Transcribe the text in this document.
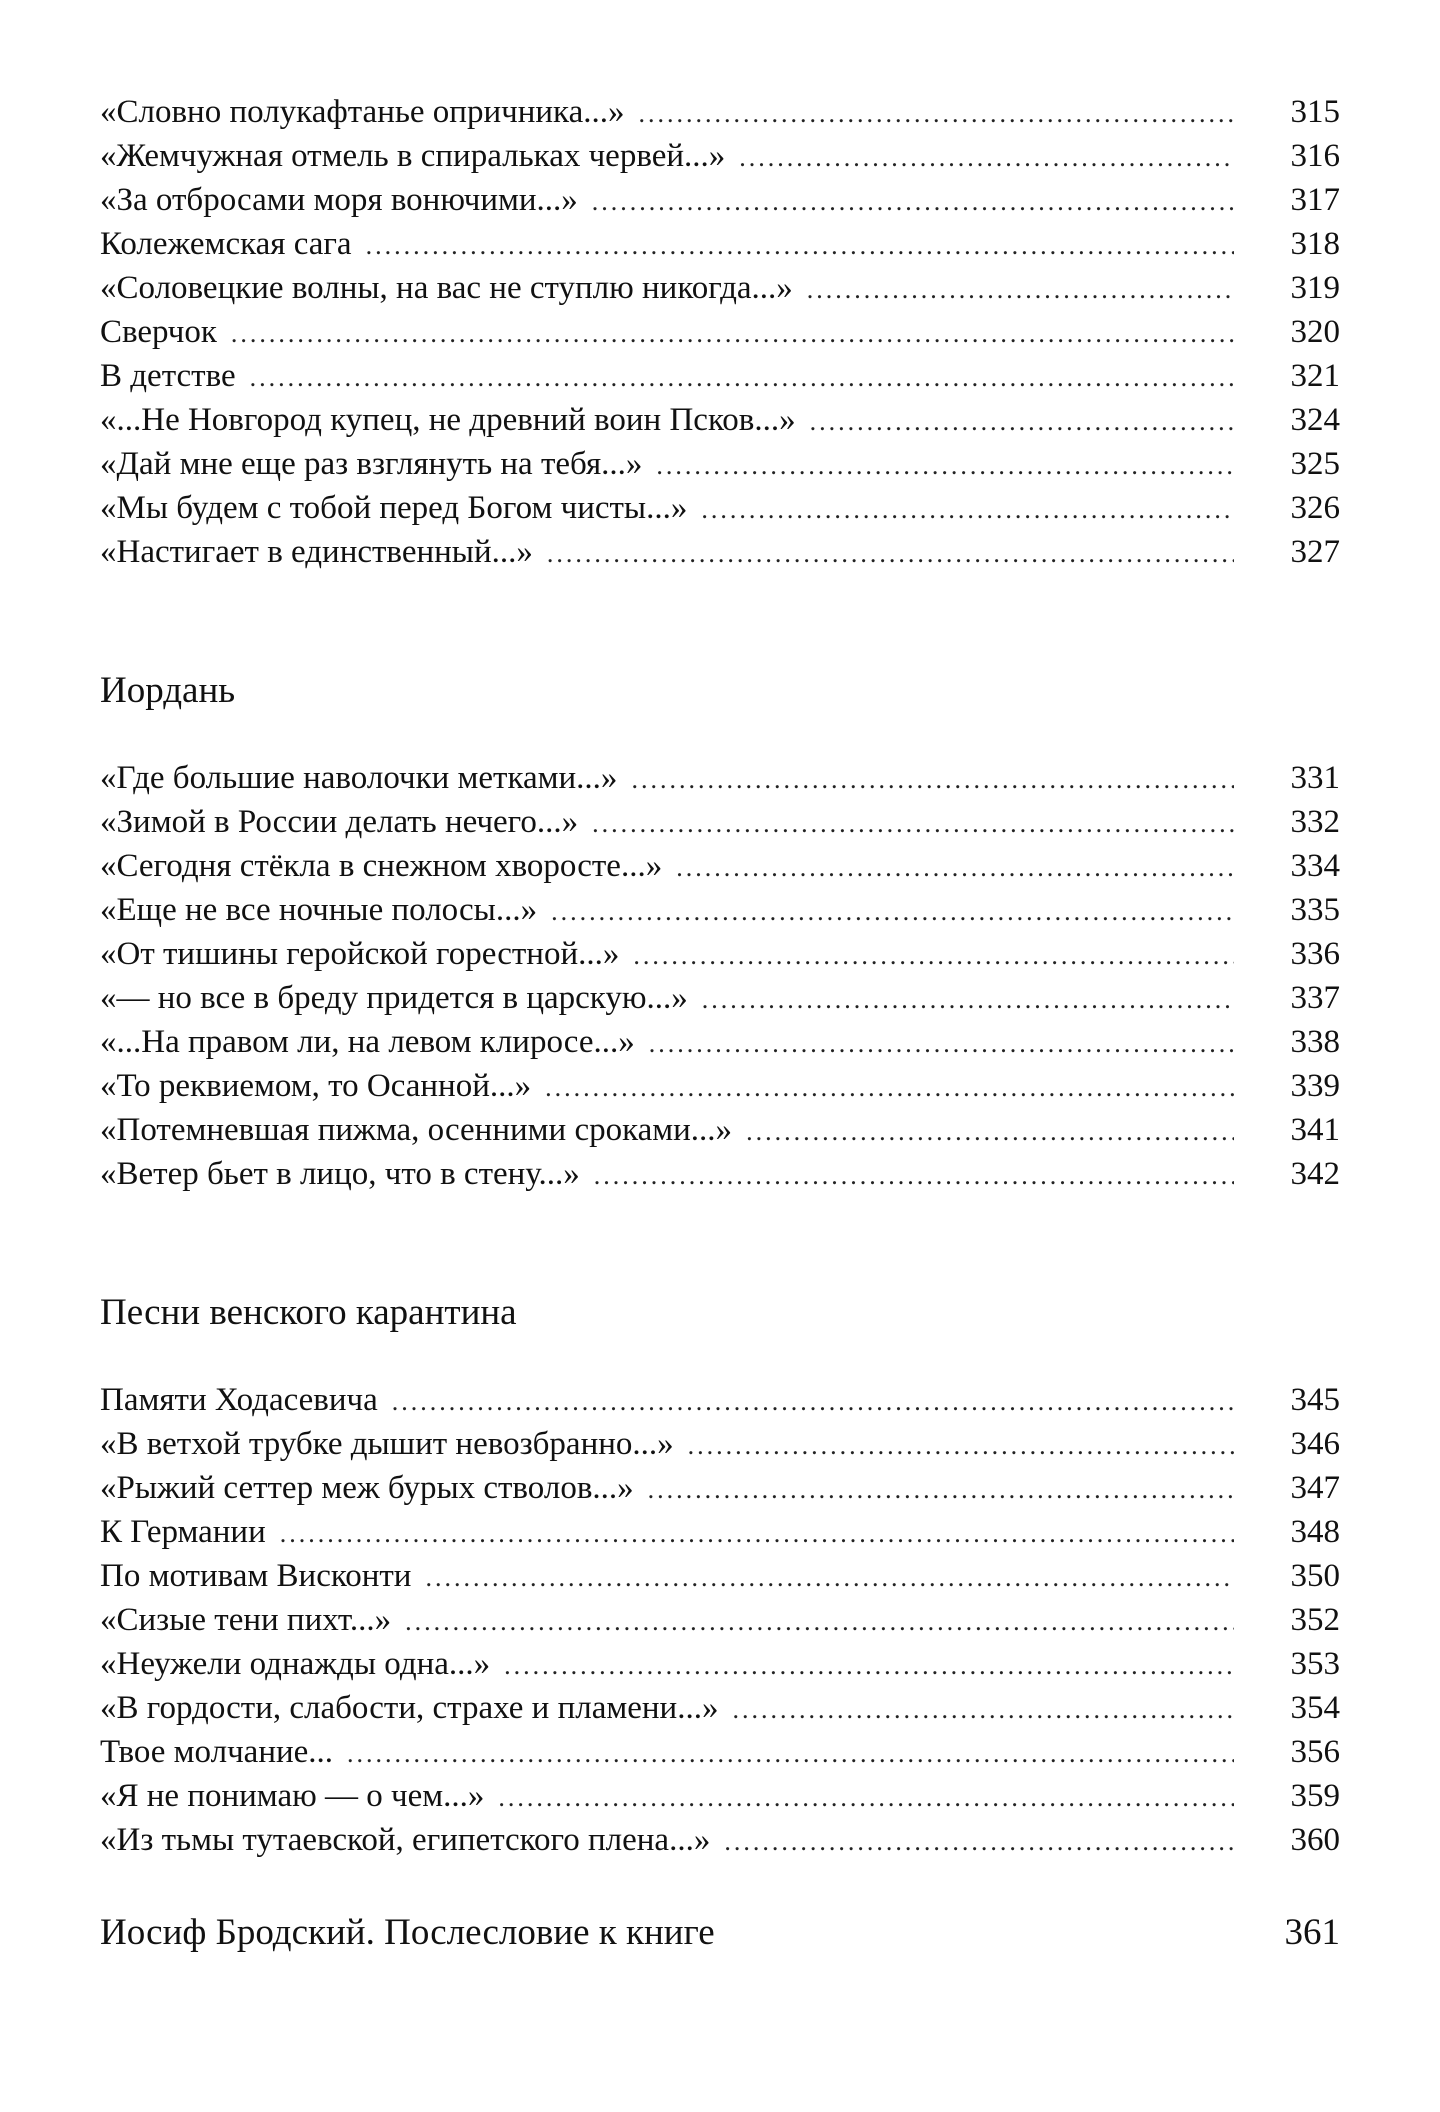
«Словно полукафтанье опричника...» .....	315
«Жемчужная отмель в спиральках червей...» .....	316
«За отбросами моря вонючими...» .....	317
Колежемская сага .....	318
«Соловецкие волны, на вас не ступлю никогда...» .....	319
Сверчок .....	320
В детстве .....	321
«...Не Новгород купец, не древний воин Псков...» .....	324
«Дай мне еще раз взглянуть на тебя...» .....	325
«Мы будем с тобой перед Богом чисты...» .....	326
«Настигает в единственный...» .....	327
Иордань
«Где большие наволочки метками...» .....	331
«Зимой в России делать нечего...» .....	332
«Сегодня стёкла в снежном хворосте...» .....	334
«Еще не все ночные полосы...» .....	335
«От тишины геройской горестной...» .....	336
«— но все в бреду придется в царскую...» .....	337
«...На правом ли, на левом клиросе...» .....	338
«То реквиемом, то Осанной...» .....	339
«Потемневшая пижма, осенними сроками...» .....	341
«Ветер бьет в лицо, что в стену...» .....	342
Песни венского карантина
Памяти Ходасевича .....	345
«В ветхой трубке дышит невозбранно...» .....	346
«Рыжий сеттер меж бурых стволов...» .....	347
К Германии .....	348
По мотивам Висконти .....	350
«Сизые тени пихт...» .....	352
«Неужели однажды одна...» .....	353
«В гордости, слабости, страхе и пламени...» .....	354
Твое молчание... .....	356
«Я не понимаю — о чем...» .....	359
«Из тьмы тутаевской, египетского плена...» .....	360
Иосиф Бродский. Послесловие к книге	361
